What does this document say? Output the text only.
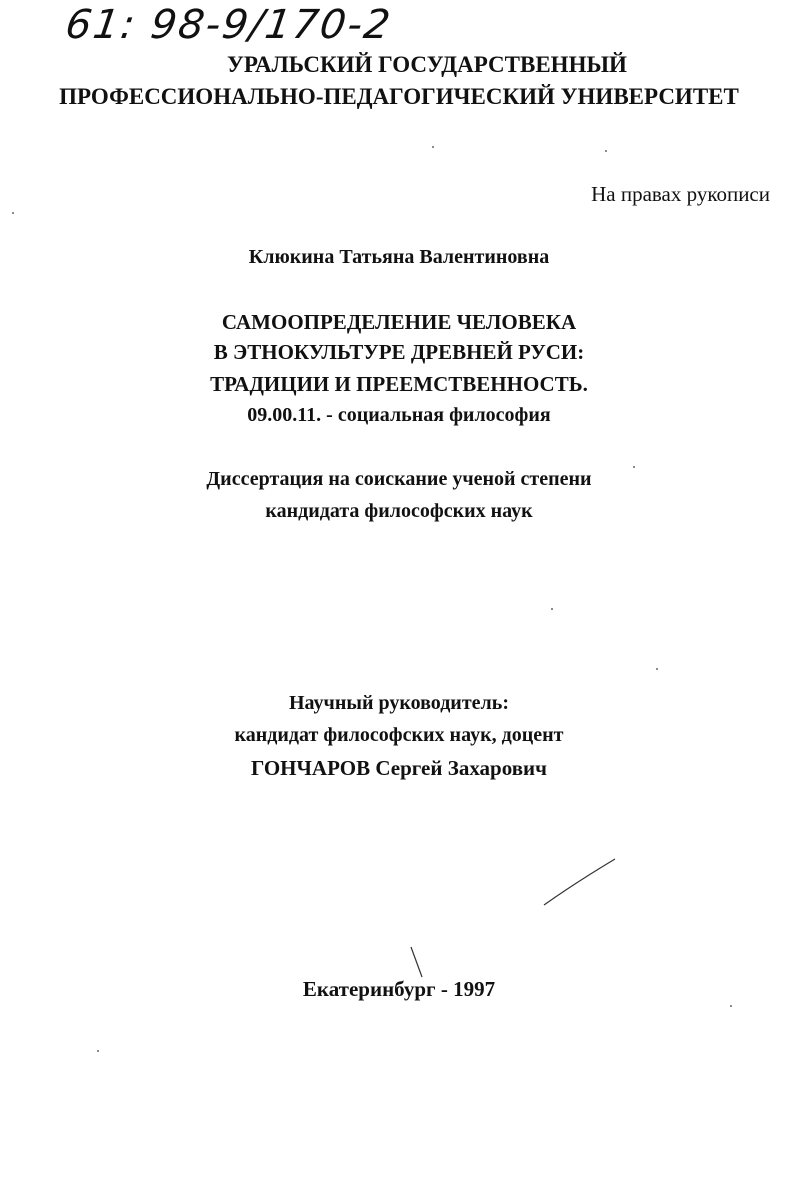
61: 98-9/170-2
УРАЛЬСКИЙ ГОСУДАРСТВЕННЫЙ
ПРОФЕССИОНАЛЬНО-ПЕДАГОГИЧЕСКИЙ УНИВЕРСИТЕТ
На правах рукописи
Клюкина Татьяна Валентиновна
САМООПРЕДЕЛЕНИЕ ЧЕЛОВЕКА
В ЭТНОКУЛЬТУРЕ ДРЕВНЕЙ РУСИ:
ТРАДИЦИИ И ПРЕЕМСТВЕННОСТЬ.
09.00.11. - социальная философия
Диссертация на соискание ученой степени
кандидата философских наук
Научный руководитель:
кандидат философских наук, доцент
ГОНЧАРОВ Сергей Захарович
Екатеринбург - 1997
